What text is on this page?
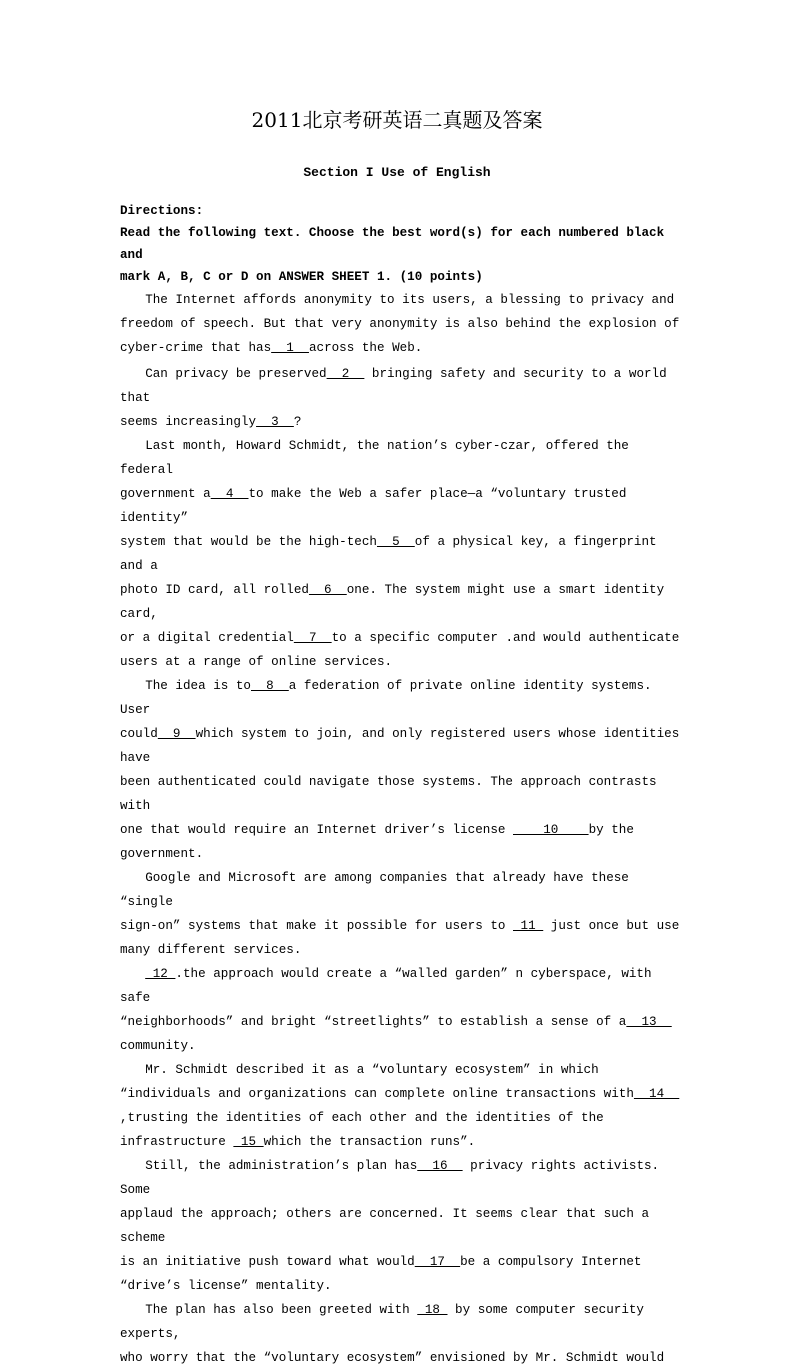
2011北京考研英语二真题及答案
Section I Use of English

Directions:

Read the following text. Choose the best word(s) for each numbered black and

mark A, B, C or D on ANSWER SHEET 1. (10 points)

The Internet affords anonymity to its users, a blessing to privacy and

freedom of speech. But that very anonymity is also behind the explosion of

cyber-crime that has  1  across the Web.

Can privacy be preserved  2   bringing safety and security to a world that

seems increasingly  3  ?

Last month, Howard Schmidt, the nation’s cyber-czar, offered the federal

government a  4  to make the Web a safer place—a “voluntary trusted identity”

system that would be the high-tech  5  of a physical key, a fingerprint and a

photo ID card, all rolled  6  one. The system might use a smart identity card,

or a digital credential  7  to a specific computer .and would authenticate

users at a range of online services.

The idea is to  8  a federation of private online identity systems. User

could  9  which system to join, and only registered users whose identities have

been authenticated could navigate those systems. The approach contrasts with

one that would require an Internet driver’s license     10    by the

government.

Google and Microsoft are among companies that already have these “single

sign-on” systems that make it possible for users to  11  just once but use

many different services.

12 .the approach would create a “walled garden” n cyberspace, with safe

“neighborhoods” and bright “streetlights” to establish a sense of a  13

community.

Mr. Schmidt described it as a “voluntary ecosystem” in which

“individuals and organizations can complete online transactions with  14

,trusting the identities of each other and the identities of the

infrastructure  15 which the transaction runs”.

Still, the administration’s plan has  16   privacy rights activists. Some

applaud the approach; others are concerned. It seems clear that such a scheme

is an initiative push toward what would  17  be a compulsory Internet

“drive’s license” mentality.

The plan has also been greeted with  18  by some computer security experts,

who worry that the “voluntary ecosystem” envisioned by Mr. Schmidt would
